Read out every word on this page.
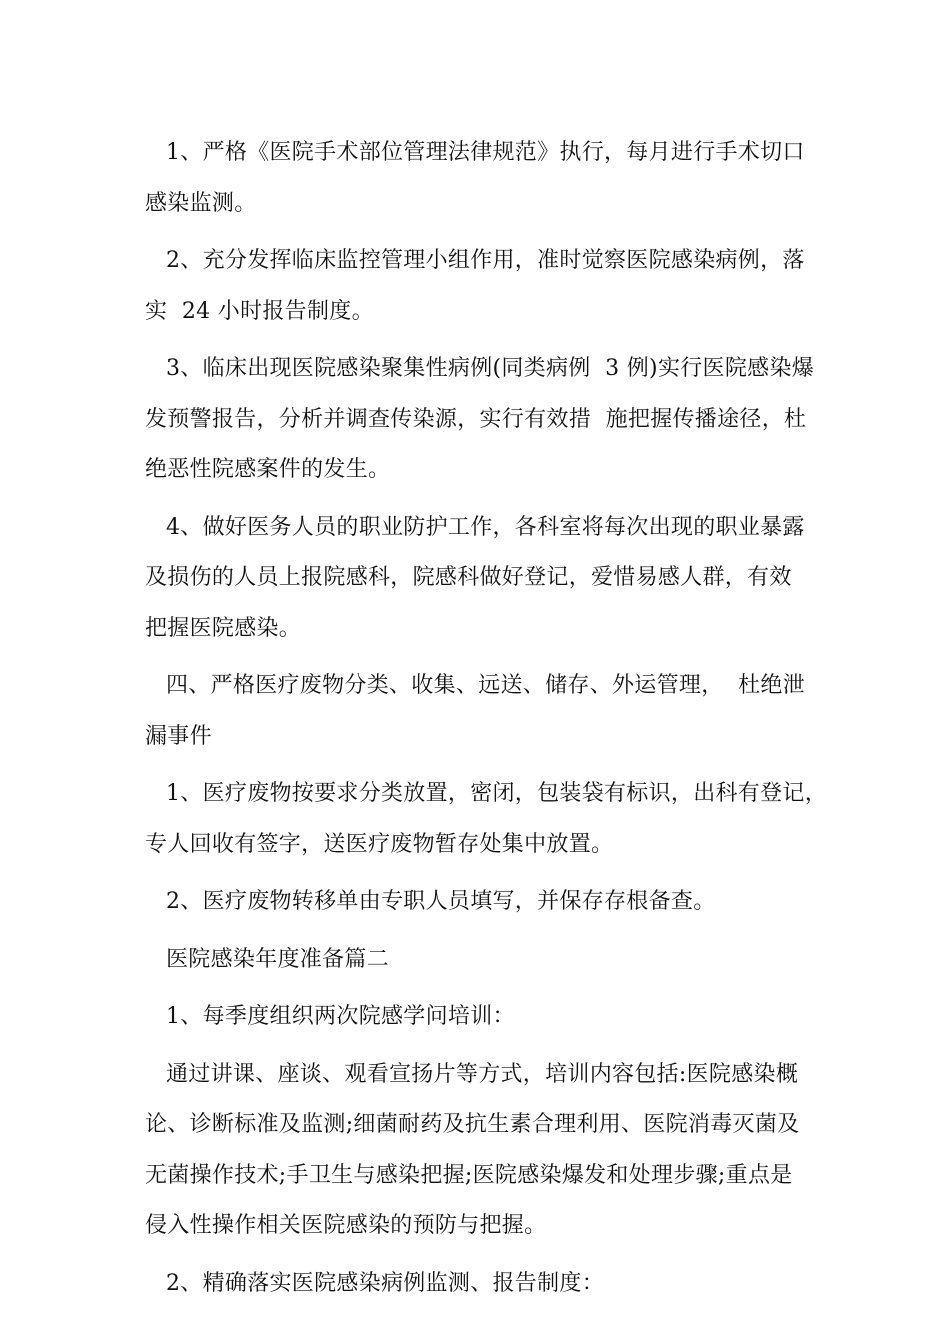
1、严格《医院手术部位管理法律规范》执行，每月进行手术切口
感染监测。
2、充分发挥临床监控管理小组作用，准时觉察医院感染病例，落
实  24 小时报告制度。
3、临床出现医院感染聚集性病例(同类病例  3 例)实行医院感染爆
发预警报告，分析并调查传染源，实行有效措  施把握传播途径，杜
绝恶性院感案件的发生。
4、做好医务人员的职业防护工作，各科室将每次出现的职业暴露
及损伤的人员上报院感科，院感科做好登记，爱惜易感人群，有效
把握医院感染。
四、严格医疗废物分类、收集、远送、储存、外运管理，  杜绝泄
漏事件
1、医疗废物按要求分类放置，密闭，包装袋有标识，出科有登记，
专人回收有签字，送医疗废物暂存处集中放置。
2、医疗废物转移单由专职人员填写，并保存存根备查。
医院感染年度准备篇二
1、每季度组织两次院感学问培训：
通过讲课、座谈、观看宣扬片等方式，培训内容包括:医院感染概
论、诊断标准及监测;细菌耐药及抗生素合理利用、医院消毒灭菌及
无菌操作技术;手卫生与感染把握;医院感染爆发和处理步骤;重点是
侵入性操作相关医院感染的预防与把握。
2、精确落实医院感染病例监测、报告制度：
